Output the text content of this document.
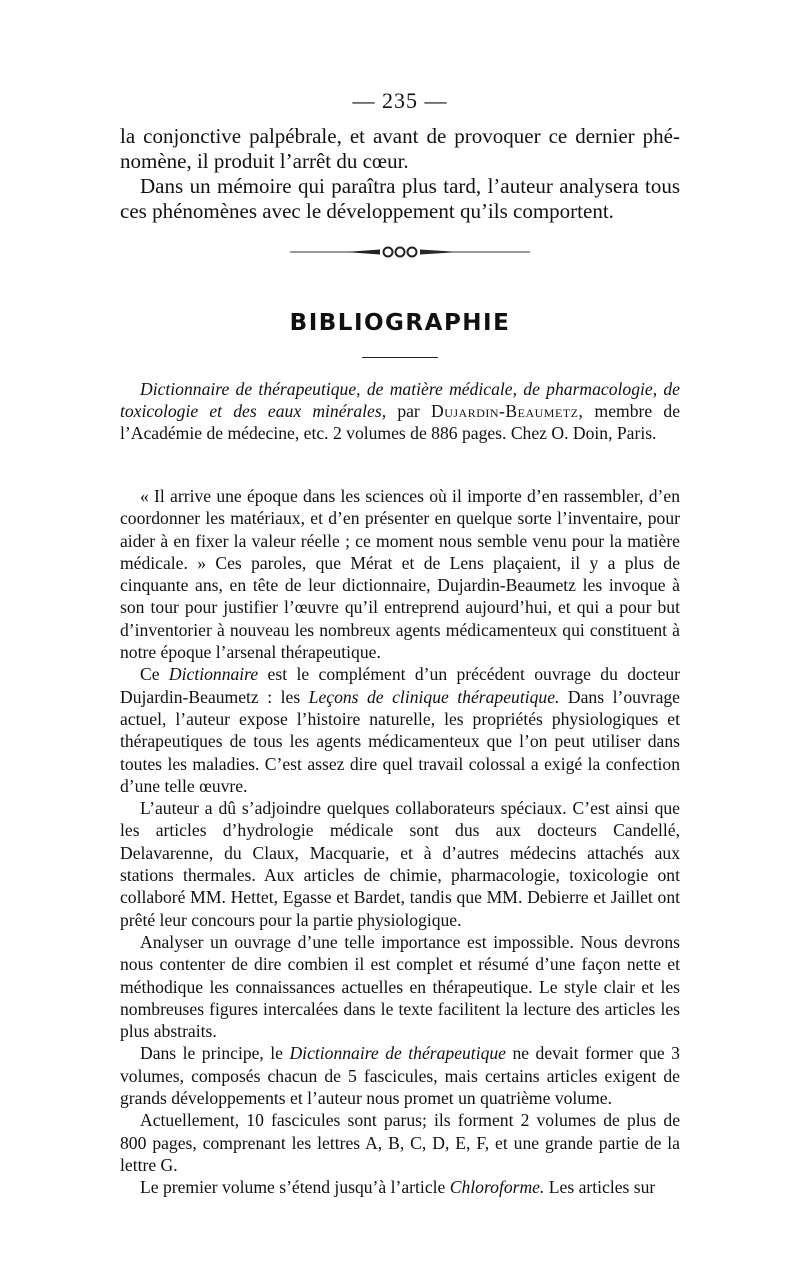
— 235 —

la conjonctive palpébrale, et avant de provoquer ce dernier phé-nomène, il produit l’arrêt du cœur.

Dans un mémoire qui paraîtra plus tard, l’auteur analysera tous ces phénomènes avec le développement qu’ils comportent.

BIBLIOGRAPHIE

Dictionnaire de thérapeutique, de matière médicale, de pharmacologie, de toxicologie et des eaux minérales, par Dujardin-Beaumetz, membre de l’Académie de médecine, etc. 2 volumes de 886 pages. Chez O. Doin, Paris.

« Il arrive une époque dans les sciences où il importe d’en rassembler, d’en coordonner les matériaux, et d’en présenter en quelque sorte l’inventaire, pour aider à en fixer la valeur réelle ; ce moment nous semble venu pour la matière médicale. » Ces paroles, que Mérat et de Lens plaçaient, il y a plus de cinquante ans, en tête de leur dictionnaire, Dujardin-Beaumetz les invoque à son tour pour justifier l’œuvre qu’il entreprend aujourd’hui, et qui a pour but d’inventorier à nouveau les nombreux agents médicamenteux qui constituent à notre époque l’arsenal thérapeutique.

Ce Dictionnaire est le complément d’un précédent ouvrage du docteur Dujardin-Beaumetz : les Leçons de clinique thérapeutique. Dans l’ouvrage actuel, l’auteur expose l’histoire naturelle, les propriétés physiologiques et thérapeutiques de tous les agents médicamenteux que l’on peut utiliser dans toutes les maladies. C’est assez dire quel travail colossal a exigé la confection d’une telle œuvre.

L’auteur a dû s’adjoindre quelques collaborateurs spéciaux. C’est ainsi que les articles d’hydrologie médicale sont dus aux docteurs Candellé, Delavarenne, du Claux, Macquarie, et à d’autres médecins attachés aux stations thermales. Aux articles de chimie, pharmacologie, toxicologie ont collaboré MM. Hettet, Egasse et Bardet, tandis que MM. Debierre et Jaillet ont prêté leur concours pour la partie physiologique.

Analyser un ouvrage d’une telle importance est impossible. Nous devrons nous contenter de dire combien il est complet et résumé d’une façon nette et méthodique les connaissances actuelles en thérapeutique. Le style clair et les nombreuses figures intercalées dans le texte facilitent la lecture des articles les plus abstraits.

Dans le principe, le Dictionnaire de thérapeutique ne devait former que 3 volumes, composés chacun de 5 fascicules, mais certains articles exigent de grands développements et l’auteur nous promet un quatrième volume.

Actuellement, 10 fascicules sont parus; ils forment 2 volumes de plus de 800 pages, comprenant les lettres A, B, C, D, E, F, et une grande partie de la lettre G.

Le premier volume s’étend jusqu’à l’article Chloroforme. Les articles sur
